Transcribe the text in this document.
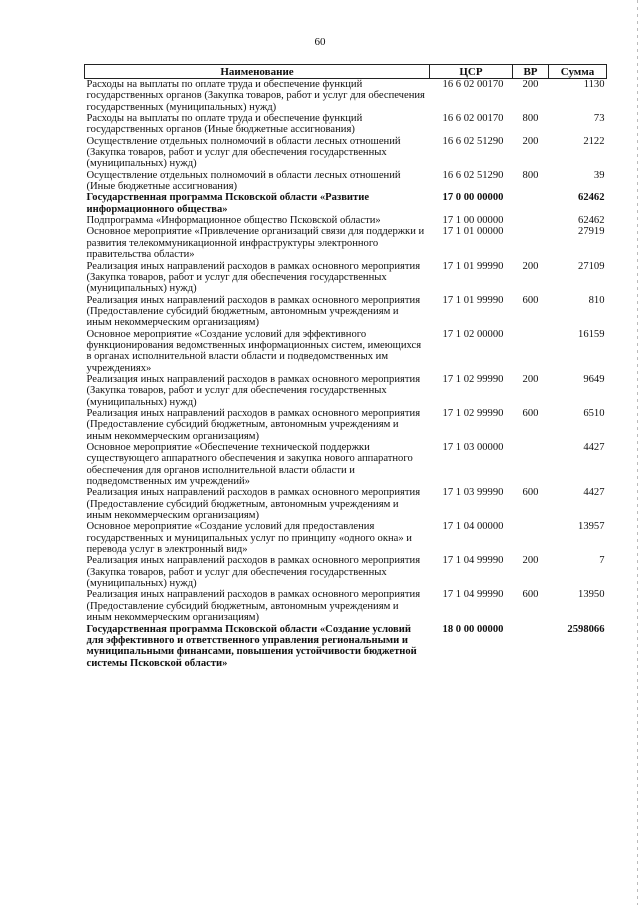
60
Наименование	ЦСР	ВР	Сумма
Расходы на выплаты по оплате труда и обеспечение функций государственных органов (Закупка товаров, работ и услуг для обеспечения государственных (муниципальных) нужд)	16 6 02 00170	200	1130
Расходы на выплаты по оплате труда и обеспечение функций государственных органов (Иные бюджетные ассигнования)	16 6 02 00170	800	73
Осуществление отдельных полномочий в области лесных отношений (Закупка товаров, работ и услуг для обеспечения государственных (муниципальных) нужд)	16 6 02 51290	200	2122
Осуществление отдельных полномочий в области лесных отношений (Иные бюджетные ассигнования)	16 6 02 51290	800	39
Государственная программа Псковской области «Развитие информационного общества»	17 0 00 00000		62462
Подпрограмма «Информационное общество Псковской области»	17 1 00 00000		62462
Основное мероприятие «Привлечение организаций связи для поддержки и развития телекоммуникационной инфраструктуры электронного правительства области»	17 1 01 00000		27919
Реализация иных направлений расходов в рамках основного мероприятия (Закупка товаров, работ и услуг для обеспечения государственных (муниципальных) нужд)	17 1 01 99990	200	27109
Реализация иных направлений расходов в рамках основного мероприятия (Предоставление субсидий бюджетным, автономным учреждениям и иным некоммерческим организациям)	17 1 01 99990	600	810
Основное мероприятие «Создание условий для эффективного функционирования ведомственных информационных систем, имеющихся в органах исполнительной власти области и подведомственных им учреждениях»	17 1 02 00000		16159
Реализация иных направлений расходов в рамках основного мероприятия (Закупка товаров, работ и услуг для обеспечения государственных (муниципальных) нужд)	17 1 02 99990	200	9649
Реализация иных направлений расходов в рамках основного мероприятия (Предоставление субсидий бюджетным, автономным учреждениям и иным некоммерческим организациям)	17 1 02 99990	600	6510
Основное мероприятие «Обеспечение технической поддержки существующего аппаратного обеспечения и закупка нового аппаратного обеспечения для органов исполнительной власти области и подведомственных им учреждений»	17 1 03 00000		4427
Реализация иных направлений расходов в рамках основного мероприятия (Предоставление субсидий бюджетным, автономным учреждениям и иным некоммерческим организациям)	17 1 03 99990	600	4427
Основное мероприятие «Создание условий для предоставления государственных и муниципальных услуг по принципу «одного окна» и перевода услуг в электронный вид»	17 1 04 00000		13957
Реализация иных направлений расходов в рамках основного мероприятия (Закупка товаров, работ и услуг для обеспечения государственных (муниципальных) нужд)	17 1 04 99990	200	7
Реализация иных направлений расходов в рамках основного мероприятия (Предоставление субсидий бюджетным, автономным учреждениям и иным некоммерческим организациям)	17 1 04 99990	600	13950
Государственная программа Псковской области «Создание условий для эффективного и ответственного управления региональными и муниципальными финансами, повышения устойчивости бюджетной системы Псковской области»	18 0 00 00000		2598066
